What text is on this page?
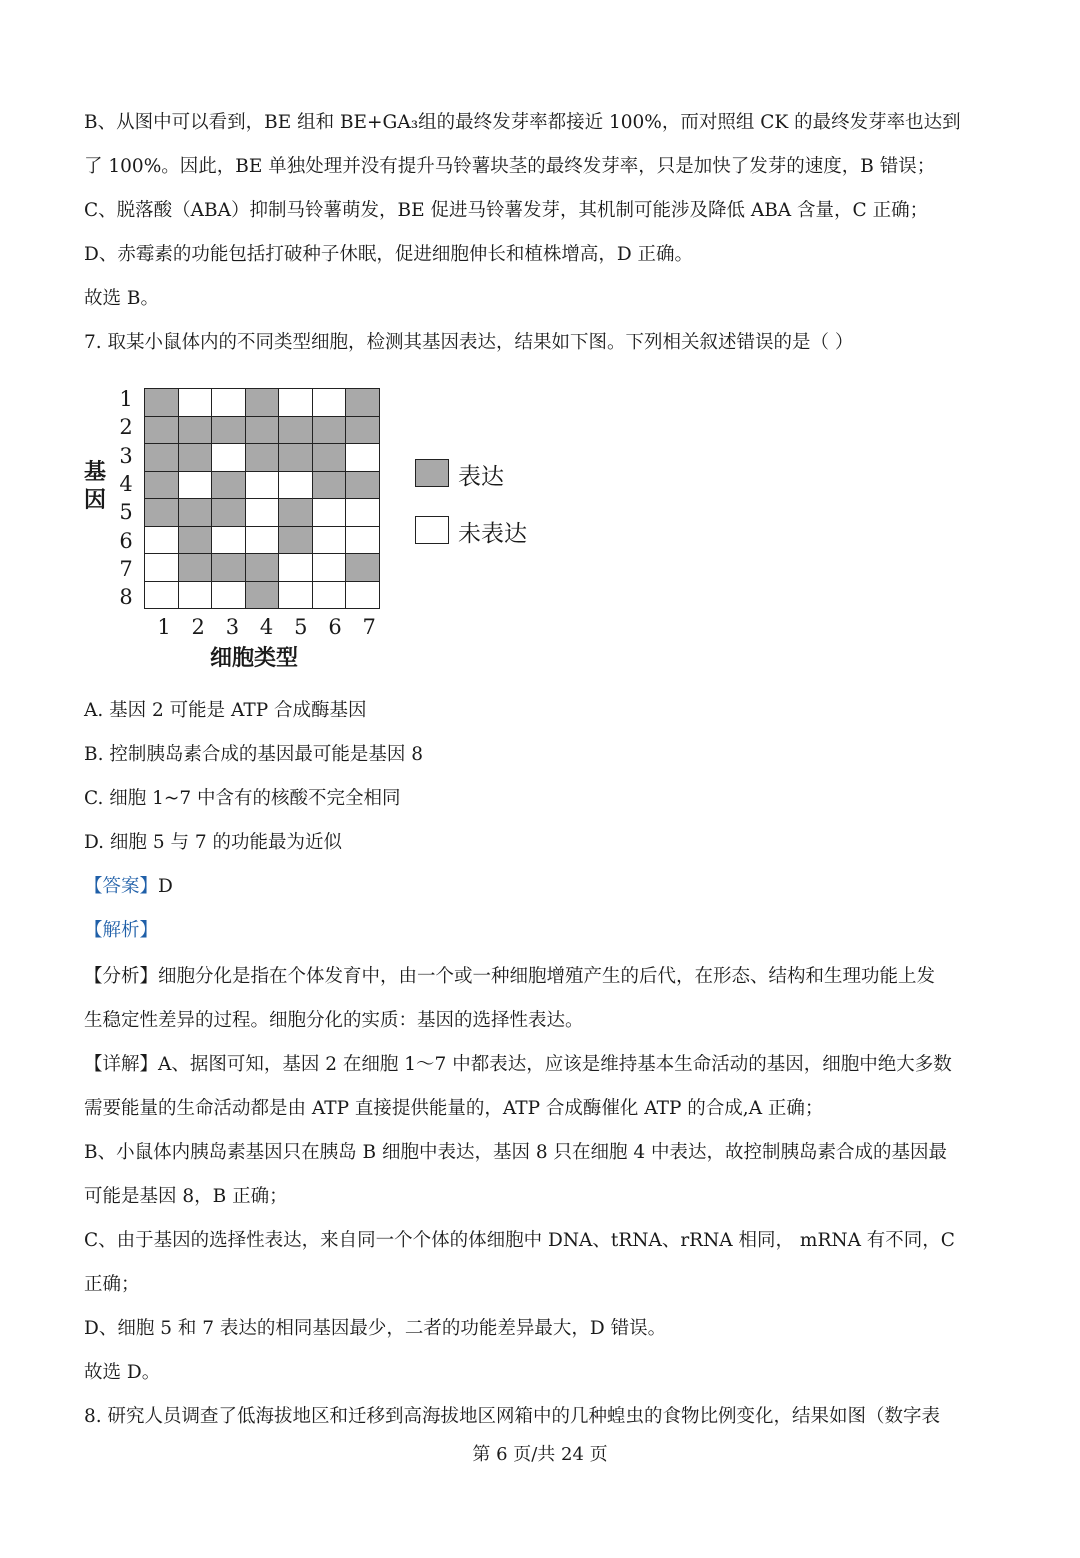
B、从图中可以看到，BE 组和 BE+GA₃组的最终发芽率都接近 100%，而对照组 CK 的最终发芽率也达到
了 100%。因此，BE 单独处理并没有提升马铃薯块茎的最终发芽率，只是加快了发芽的速度，B 错误；
C、脱落酸（ABA）抑制马铃薯萌发，BE 促进马铃薯发芽，其机制可能涉及降低 ABA 含量，C 正确；
D、赤霉素的功能包括打破种子休眠，促进细胞伸长和植株增高，D 正确。
故选 B。
7. 取某小鼠体内的不同类型细胞，检测其基因表达，结果如下图。下列相关叙述错误的是（ ）
基因
1
2
3
4
5
6
7
8

1 2 3 4 5 6 7
细胞类型
表达
未表达
A. 基因 2 可能是 ATP 合成酶基因
B. 控制胰岛素合成的基因最可能是基因 8
C. 细胞 1~7 中含有的核酸不完全相同
D. 细胞 5 与 7 的功能最为近似
【答案】D
【解析】
【分析】细胞分化是指在个体发育中，由一个或一种细胞增殖产生的后代，在形态、结构和生理功能上发
生稳定性差异的过程。细胞分化的实质：基因的选择性表达。
【详解】A、据图可知，基因 2 在细胞 1～7 中都表达，应该是维持基本生命活动的基因，细胞中绝大多数
需要能量的生命活动都是由 ATP 直接提供能量的，ATP 合成酶催化 ATP 的合成,A 正确；
B、小鼠体内胰岛素基因只在胰岛 B 细胞中表达，基因 8 只在细胞 4 中表达，故控制胰岛素合成的基因最
可能是基因 8，B 正确；
C、由于基因的选择性表达，来自同一个个体的体细胞中 DNA、tRNA、rRNA 相同， mRNA 有不同，C
正确；
D、细胞 5 和 7 表达的相同基因最少，二者的功能差异最大，D 错误。
故选 D。
8. 研究人员调查了低海拔地区和迁移到高海拔地区网箱中的几种蝗虫的食物比例变化，结果如图（数字表
第 6 页/共 24 页
